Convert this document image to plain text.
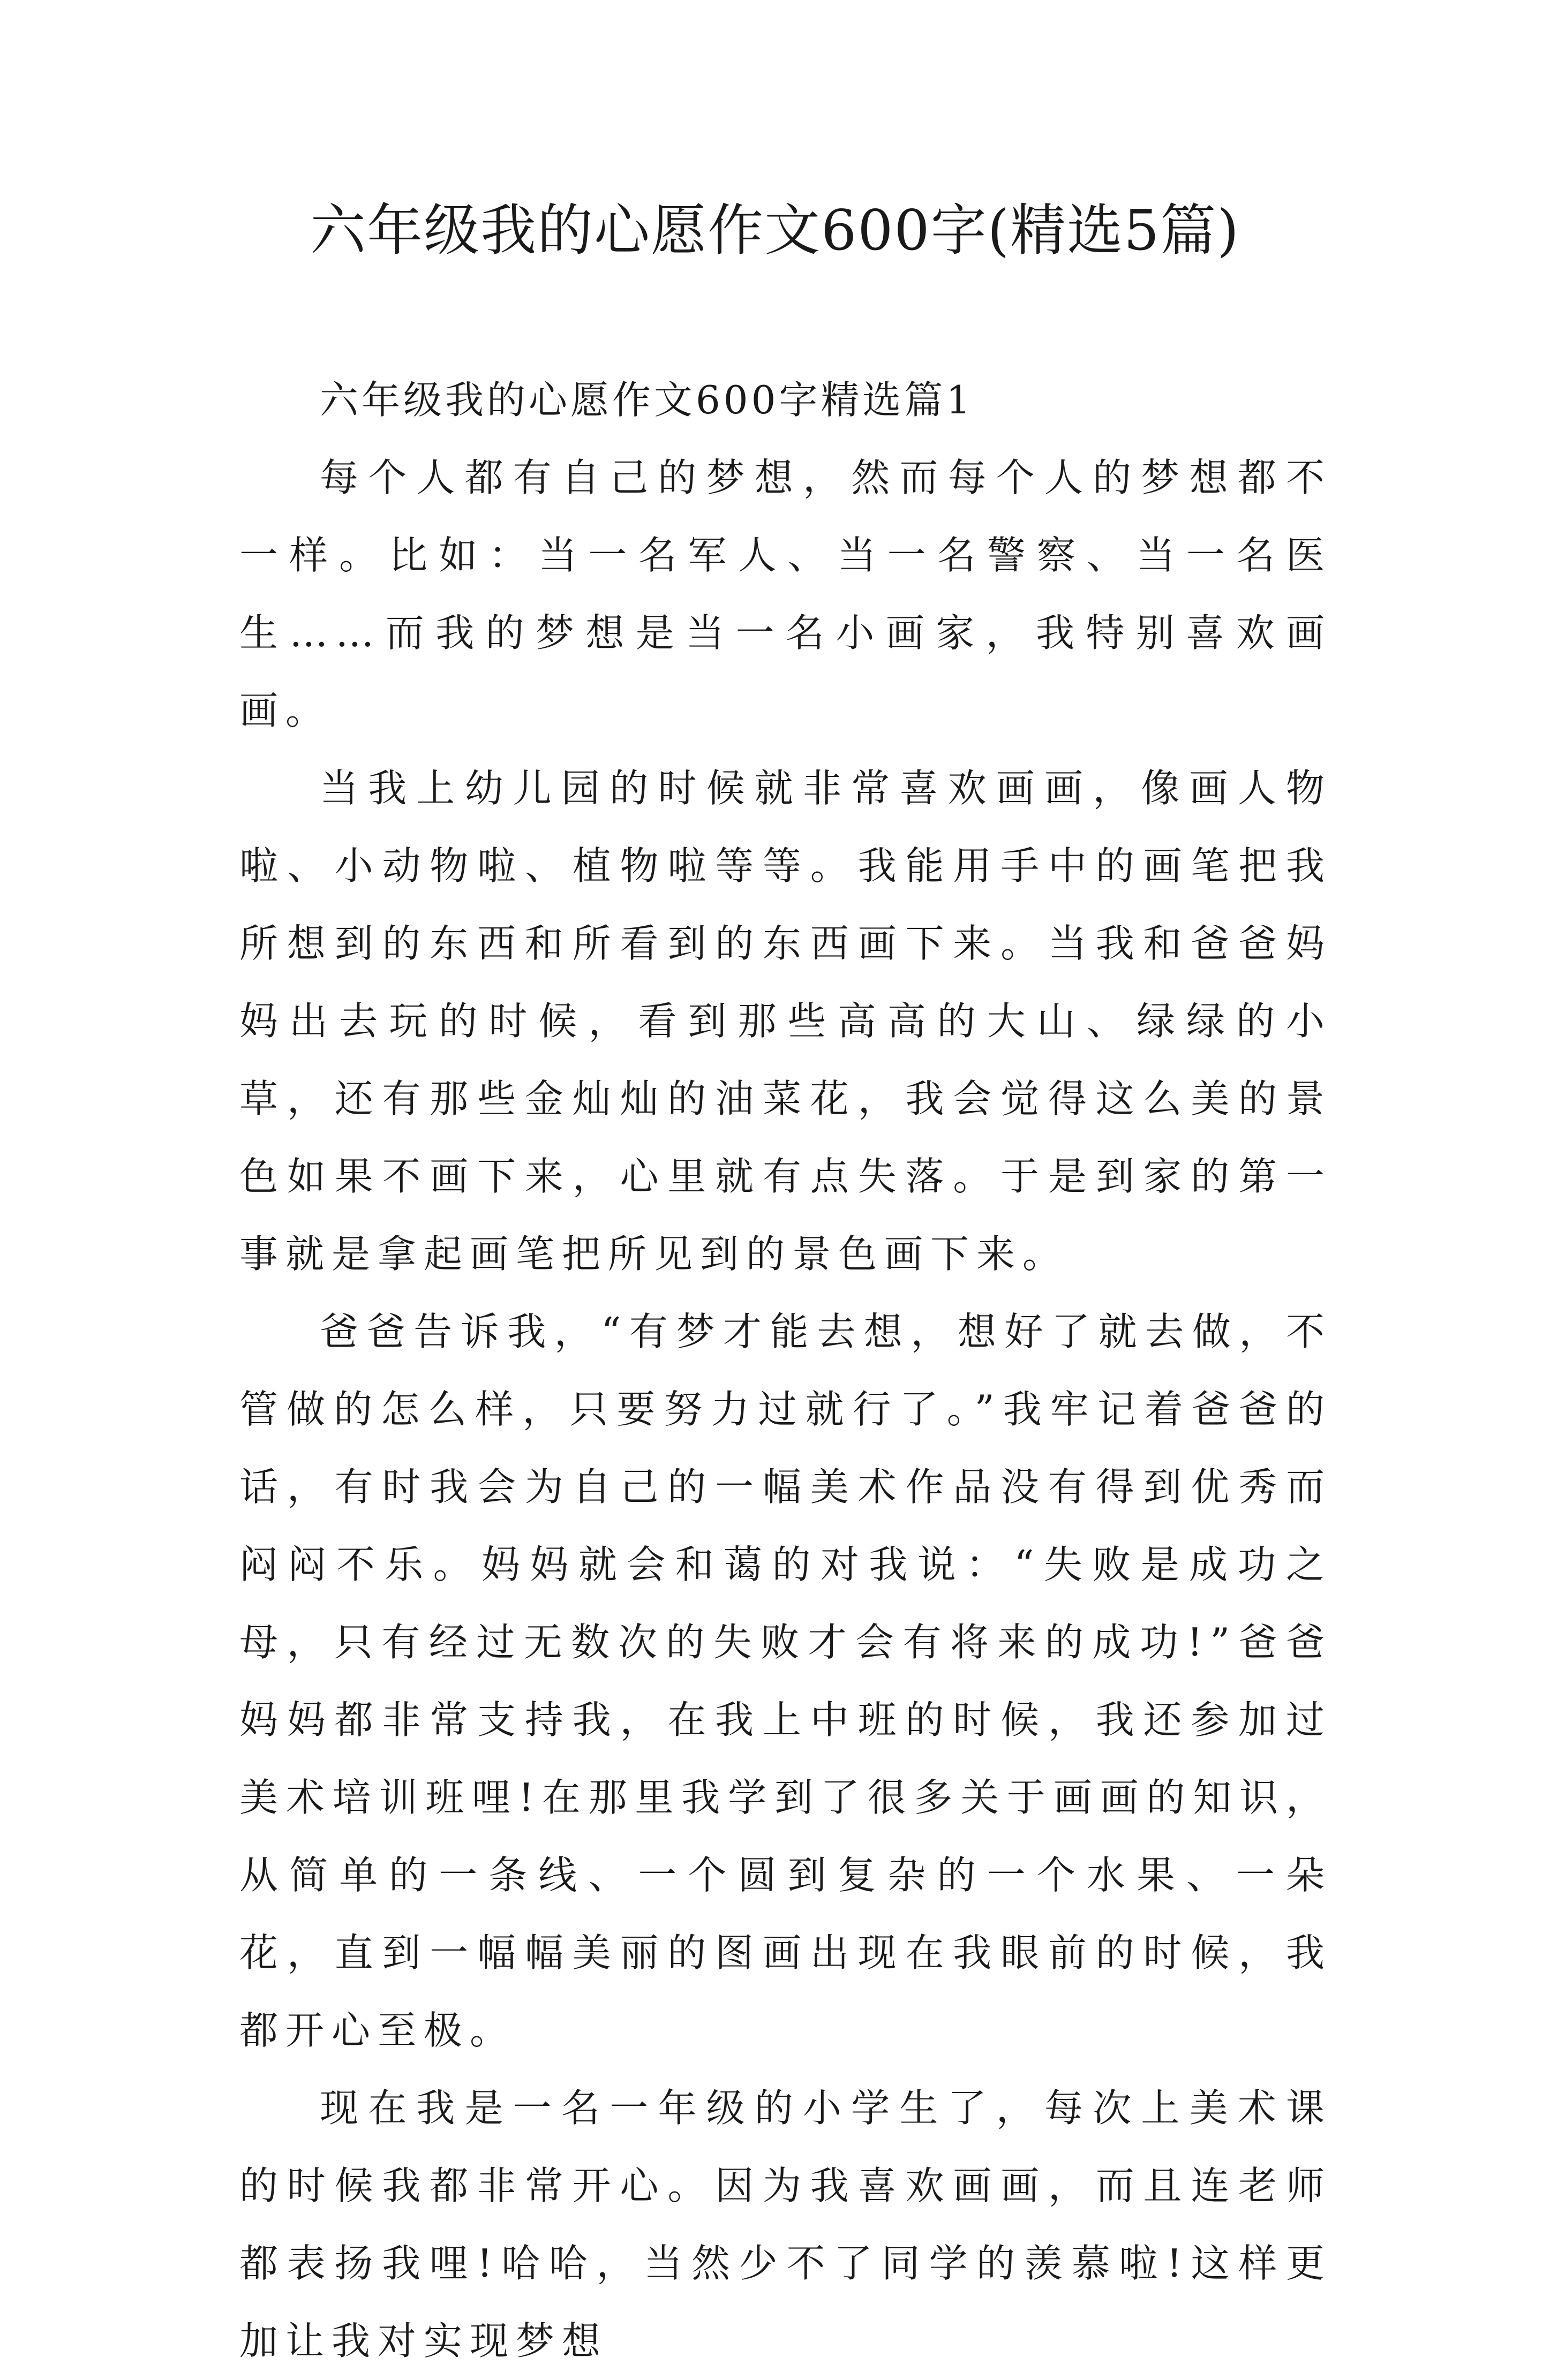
六年级我的心愿作文600字(精选5篇)

六年级我的心愿作文600字精选篇1

每个人都有自己的梦想，然而每个人的梦想都不一样。比如：当一名军人、当一名警察、当一名医生……而我的梦想是当一名小画家，我特别喜欢画画。

当我上幼儿园的时候就非常喜欢画画，像画人物啦、小动物啦、植物啦等等。我能用手中的画笔把我所想到的东西和所看到的东西画下来。当我和爸爸妈妈出去玩的时候，看到那些高高的大山、绿绿的小草，还有那些金灿灿的油菜花，我会觉得这么美的景色如果不画下来，心里就有点失落。于是到家的第一事就是拿起画笔把所见到的景色画下来。

爸爸告诉我，“有梦才能去想，想好了就去做，不管做的怎么样，只要努力过就行了。”我牢记着爸爸的话，有时我会为自己的一幅美术作品没有得到优秀而闷闷不乐。妈妈就会和蔼的对我说：“失败是成功之母，只有经过无数次的失败才会有将来的成功!”爸爸妈妈都非常支持我，在我上中班的时候，我还参加过美术培训班哩!在那里我学到了很多关于画画的知识，从简单的一条线、一个圆到复杂的一个水果、一朵花，直到一幅幅美丽的图画出现在我眼前的时候，我都开心至极。

现在我是一名一年级的小学生了，每次上美术课的时候我都非常开心。因为我喜欢画画，而且连老师都表扬我哩!哈哈，当然少不了同学的羡慕啦!这样更加让我对实现梦想
